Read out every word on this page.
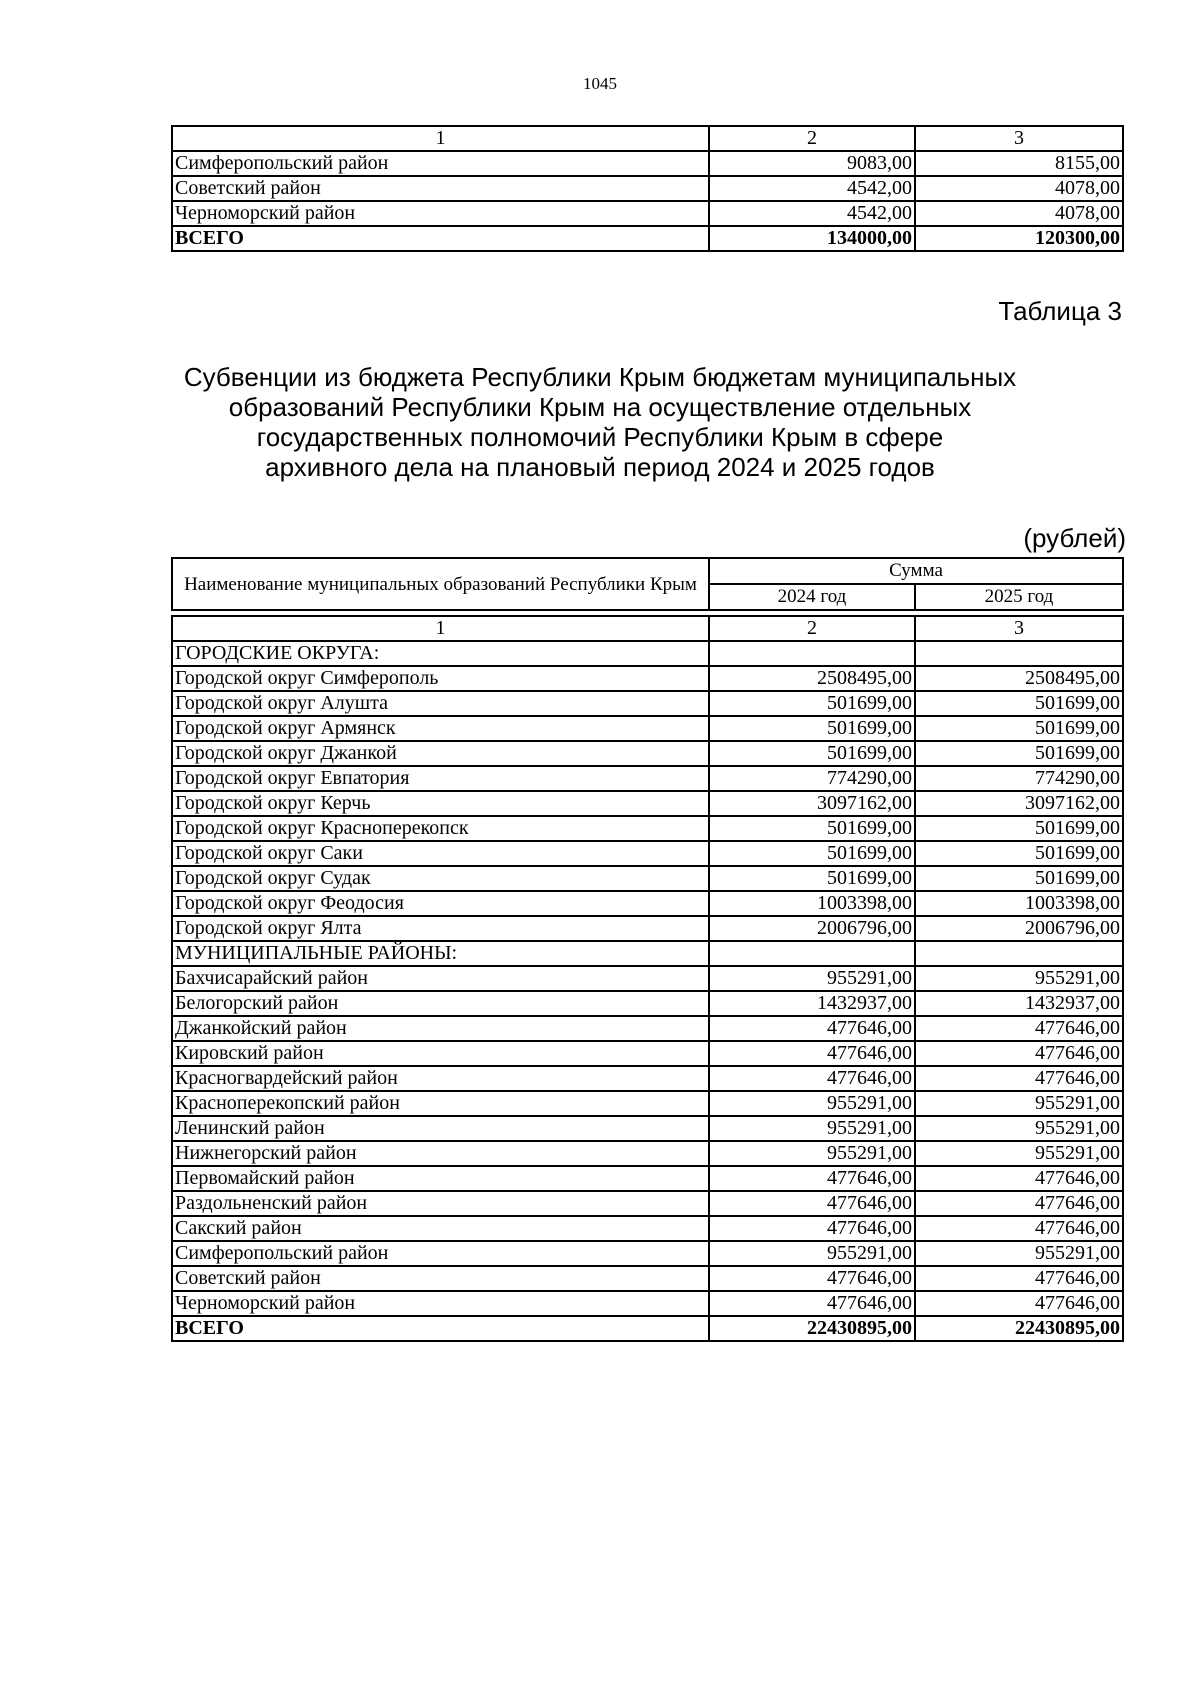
1045
1	2	3
Симферопольский район	9083,00	8155,00
Советский район	4542,00	4078,00
Черноморский район	4542,00	4078,00
ВСЕГО	134000,00	120300,00
Таблица 3
Субвенции из бюджета Республики Крым бюджетам муниципальных
образований Республики Крым на осуществление отдельных
государственных полномочий Республики Крым в сфере
архивного дела на плановый период 2024 и 2025 годов
(рублей)
Наименование муниципальных образований Республики Крым	Сумма	
	2024 год	2025 год
1	2	3
ГОРОДСКИЕ ОКРУГА:		
Городской округ Симферополь	2508495,00	2508495,00
Городской округ Алушта	501699,00	501699,00
Городской округ Армянск	501699,00	501699,00
Городской округ Джанкой	501699,00	501699,00
Городской округ Евпатория	774290,00	774290,00
Городской округ Керчь	3097162,00	3097162,00
Городской округ Красноперекопск	501699,00	501699,00
Городской округ Саки	501699,00	501699,00
Городской округ Судак	501699,00	501699,00
Городской округ Феодосия	1003398,00	1003398,00
Городской округ Ялта	2006796,00	2006796,00
МУНИЦИПАЛЬНЫЕ РАЙОНЫ:		
Бахчисарайский район	955291,00	955291,00
Белогорский район	1432937,00	1432937,00
Джанкойский район	477646,00	477646,00
Кировский район	477646,00	477646,00
Красногвардейский район	477646,00	477646,00
Красноперекопский район	955291,00	955291,00
Ленинский район	955291,00	955291,00
Нижнегорский район	955291,00	955291,00
Первомайский район	477646,00	477646,00
Раздольненский район	477646,00	477646,00
Сакский район	477646,00	477646,00
Симферопольский район	955291,00	955291,00
Советский район	477646,00	477646,00
Черноморский район	477646,00	477646,00
ВСЕГО	22430895,00	22430895,00
